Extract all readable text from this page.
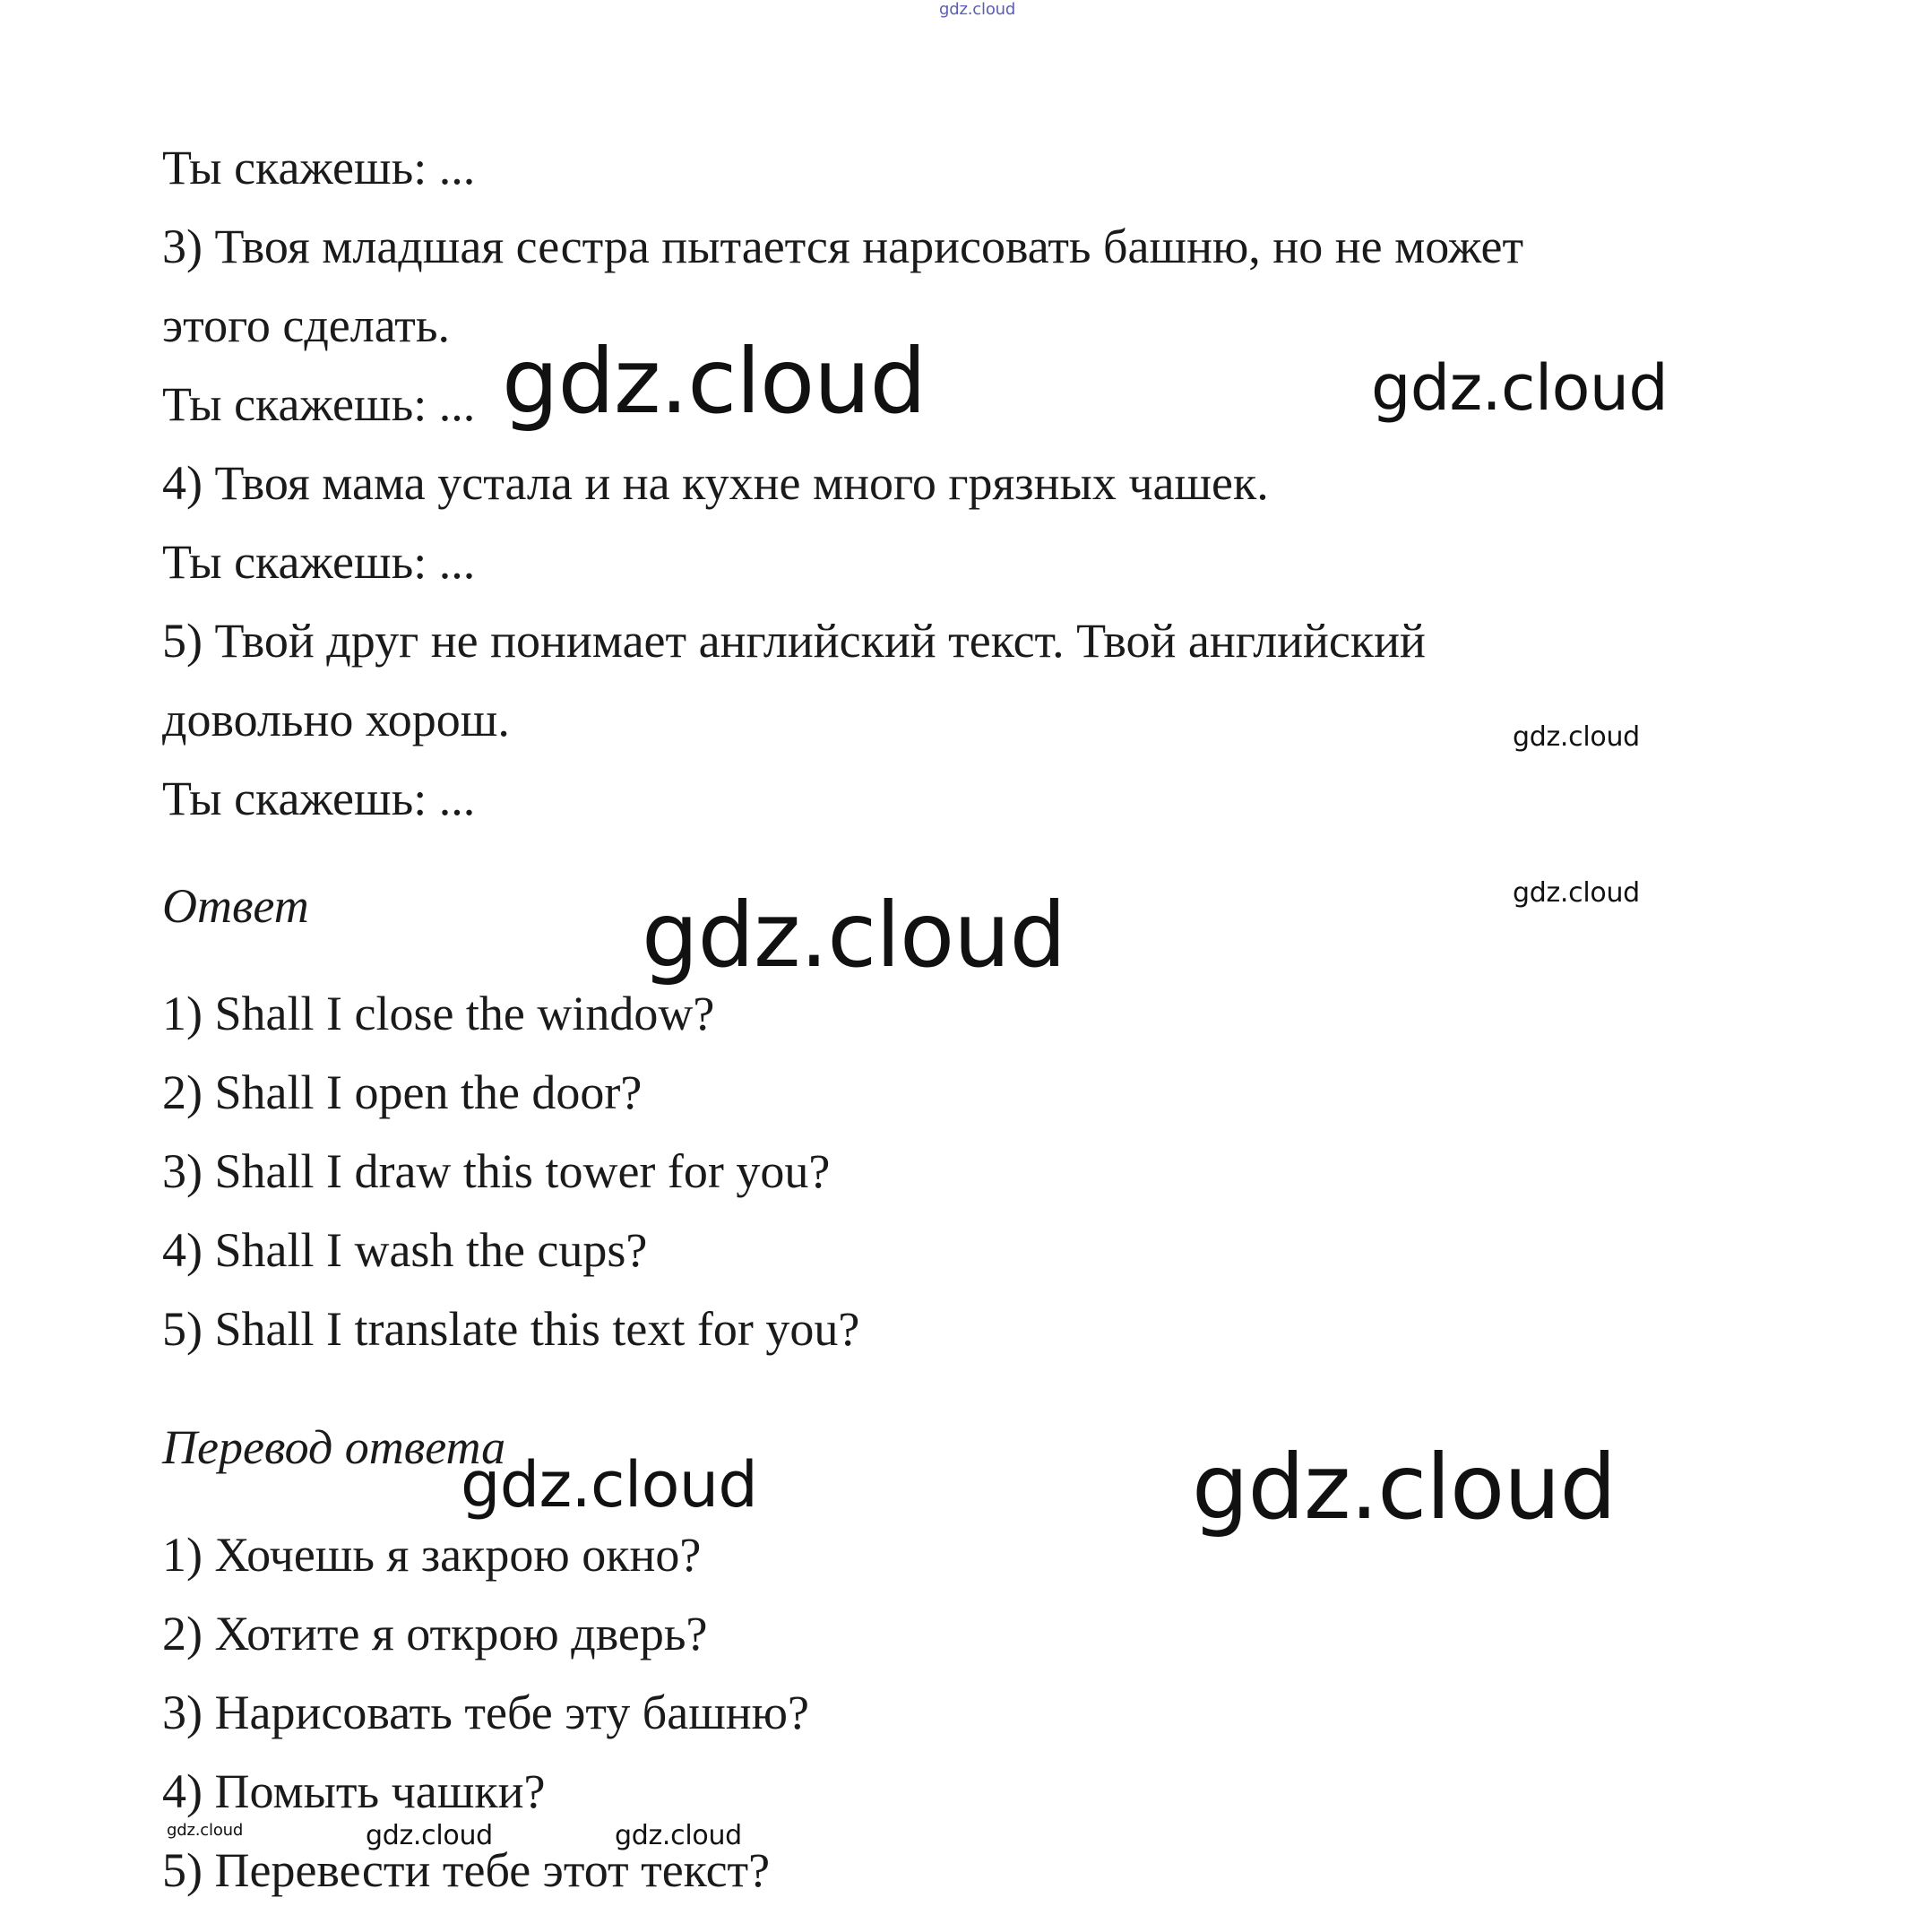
gdz.cloud

Ты скажешь: ...

3) Твоя младшая сестра пытается нарисовать башню, но не может

этого сделать.

Ты скажешь: ...

4) Твоя мама устала и на кухне много грязных чашек.

Ты скажешь: ...

5) Твой друг не понимает английский текст. Твой английский

довольно хорош.

Ты скажешь: ...

Ответ

1) Shall I close the window?

2) Shall I open the door?

3) Shall I draw this tower for you?

4) Shall I wash the cups?

5) Shall I translate this text for you?

Перевод ответа

1) Хочешь я закрою окно?

2) Хотите я открою дверь?

3) Нарисовать тебе эту башню?

4) Помыть чашки?

5) Перевести тебе этот текст?

gdz.cloud	gdz.cloud
gdz.cloud
gdz.cloud
gdz.cloud
gdz.cloud	gdz.cloud
gdz.cloud	gdz.cloud	gdz.cloud
